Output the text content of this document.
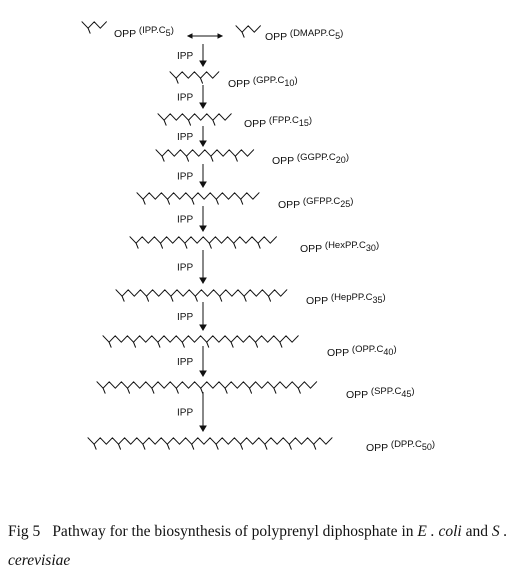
OPP (IPP.C5)
OPP (DMAPP.C5)
OPP (GPP.C10)
OPP (FPP.C15)
OPP (GGPP.C20)
OPP (GFPP.C25)
OPP (HexPP.C30)
OPP (HepPP.C35)
OPP (OPP.C40)
OPP (SPP.C45)
OPP (DPP.C50)
IPP
IPP
IPP
IPP
IPP
IPP
IPP
IPP
IPP
Fig 5 Pathway for the biosynthesis of polyprenyl diphosphate in E . coli and S . cerevisiae
